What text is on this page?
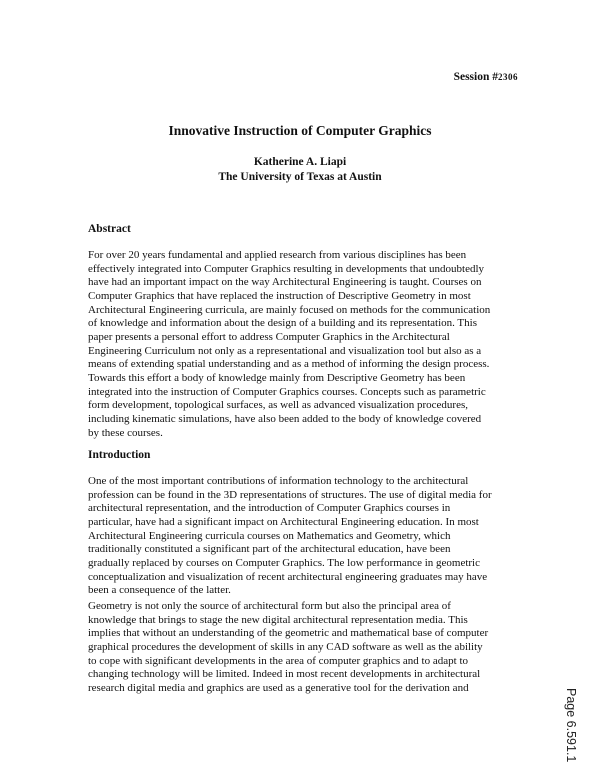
Session #2306
Innovative Instruction of Computer Graphics
Katherine A. Liapi
The University of Texas at Austin
Abstract

For over 20 years fundamental and applied research from various disciplines has been
effectively integrated into Computer Graphics resulting in developments that undoubtedly
have had an important impact on the way Architectural Engineering is taught. Courses on
Computer Graphics that have replaced the instruction of Descriptive Geometry in most
Architectural Engineering curricula, are mainly focused on methods for the communication
of knowledge and information about the design of a building and its representation. This
paper presents a personal effort to address Computer Graphics in the Architectural
Engineering Curriculum not only as a representational and visualization tool but also as a
means of extending spatial understanding and as a method of informing the design process.
Towards this effort a body of knowledge mainly from Descriptive Geometry has been
integrated into the instruction of Computer Graphics courses. Concepts such as parametric
form development, topological surfaces, as well as advanced visualization procedures,
including kinematic simulations, have also been added to the body of knowledge covered
by these courses.

Introduction

One of the most important contributions of information technology to the architectural
profession can be found in the 3D representations of structures. The use of digital media for
architectural representation, and the introduction of Computer Graphics courses in
particular, have had a significant impact on Architectural Engineering education. In most
Architectural Engineering curricula courses on Mathematics and Geometry, which
traditionally constituted a significant part of the architectural education, have been
gradually replaced by courses on Computer Graphics. The low performance in geometric
conceptualization and visualization of recent architectural engineering graduates may have
been a consequence of the latter.

Geometry is not only the source of architectural form but also the principal area of
knowledge that brings to stage the new digital architectural representation media. This
implies that without an understanding of the geometric and mathematical base of computer
graphical procedures the development of skills in any CAD software as well as the ability
to cope with significant developments in the area of computer graphics and to adapt to
changing technology will be limited. Indeed in most recent developments in architectural
research digital media and graphics are used as a generative tool for the derivation and

Page 6.591.1
